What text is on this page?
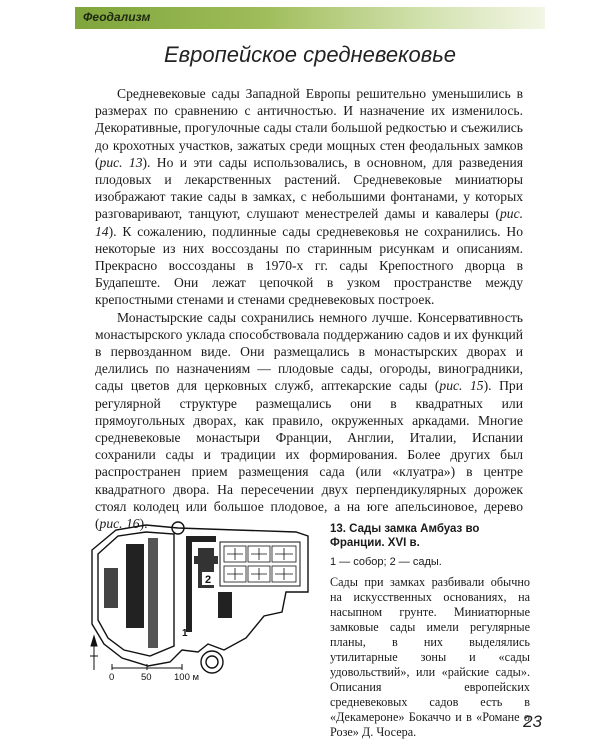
Феодализм
Европейское средневековье

Средневековые сады Западной Европы решительно уменьшились в размерах по сравнению с античностью. И назначение их изменилось. Декоративные, прогулочные сады стали большой редкостью и съежились до крохотных участков, зажатых среди мощных стен феодальных замков (рис. 13). Но и эти сады использовались, в основном, для разведения плодовых и лекарственных растений. Средневековые миниатюры изображают такие сады в замках, с небольшими фонтанами, у которых разговаривают, танцуют, слушают менестрелей дамы и кавалеры (рис. 14). К сожалению, подлинные сады средневековья не сохранились. Но некоторые из них воссозданы по старинным рисункам и описаниям. Прекрасно воссозданы в 1970-х гг. сады Крепостного дворца в Будапеште. Они лежат цепочкой в узком пространстве между крепостными стенами и стенами средневековых построек.

Монастырские сады сохранились немного лучше. Консервативность монастырского уклада способствовала поддержанию садов и их функций в первозданном виде. Они размещались в монастырских дворах и делились по назначениям — плодовые сады, огороды, виноградники, сады цветов для церковных служб, аптекарские сады (рис. 15). При регулярной структуре размещались они в квадратных или прямоугольных дворах, как правило, окруженных аркадами. Многие средневековые монастыри Франции, Англии, Италии, Испании сохранили сады и традиции их формирования. Более других был распространен прием размещения сада (или «клуатра») в центре квадратного двора. На пересечении двух перпендикулярных дорожек стоял колодец или большое плодовое, а на юге апельсиновое, дерево (рис. 16).

1
2
0	50 100 м

13. Сады замка Амбуаз во Франции. XVI в.

1 — собор; 2 — сады.

Сады при замках разбивали обычно на искусственных основаниях, на насыпном грунте. Миниатюрные замковые сады имели регулярные планы, в них выделялись утилитарные зоны и «сады удовольствий», или «райские сады». Описания европейских средневековых садов есть в «Декамероне» Бокаччо и в «Романе о Розе» Д. Чосера.

23
